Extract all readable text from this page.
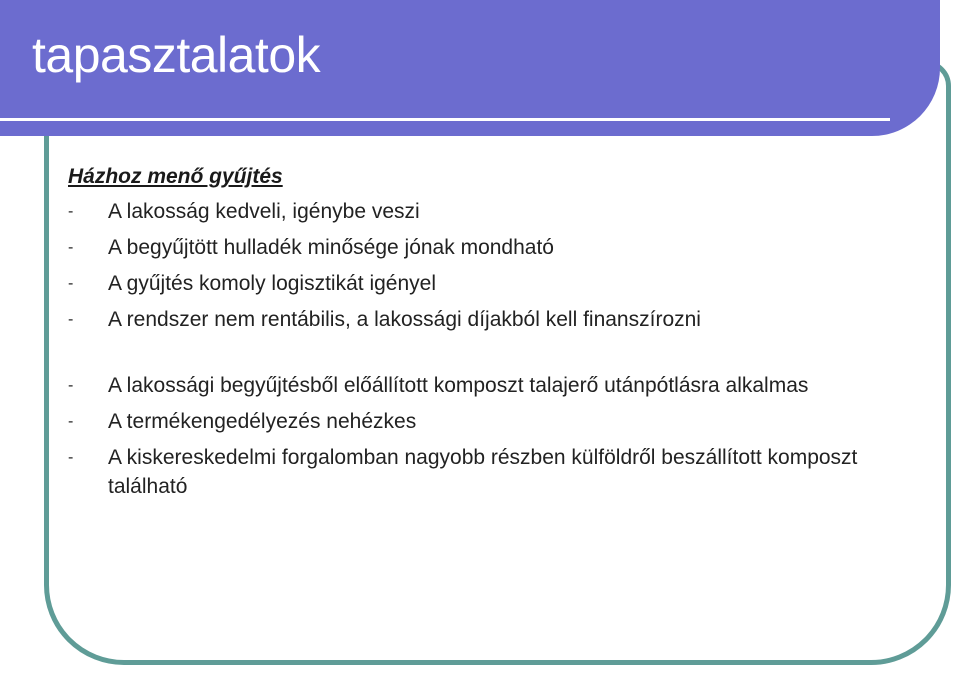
tapasztalatok
Házhoz menő gyűjtés
- A lakosság kedveli, igénybe veszi
- A begyűjtött hulladék minősége jónak mondható
- A gyűjtés komoly logisztikát igényel
- A rendszer nem rentábilis, a lakossági díjakból kell finanszírozni
- A lakossági begyűjtésből előállított komposzt talajerő utánpótlásra alkalmas
- A termékengedélyezés nehézkes
- A kiskereskedelmi forgalomban nagyobb részben külföldről beszállított komposzt található
